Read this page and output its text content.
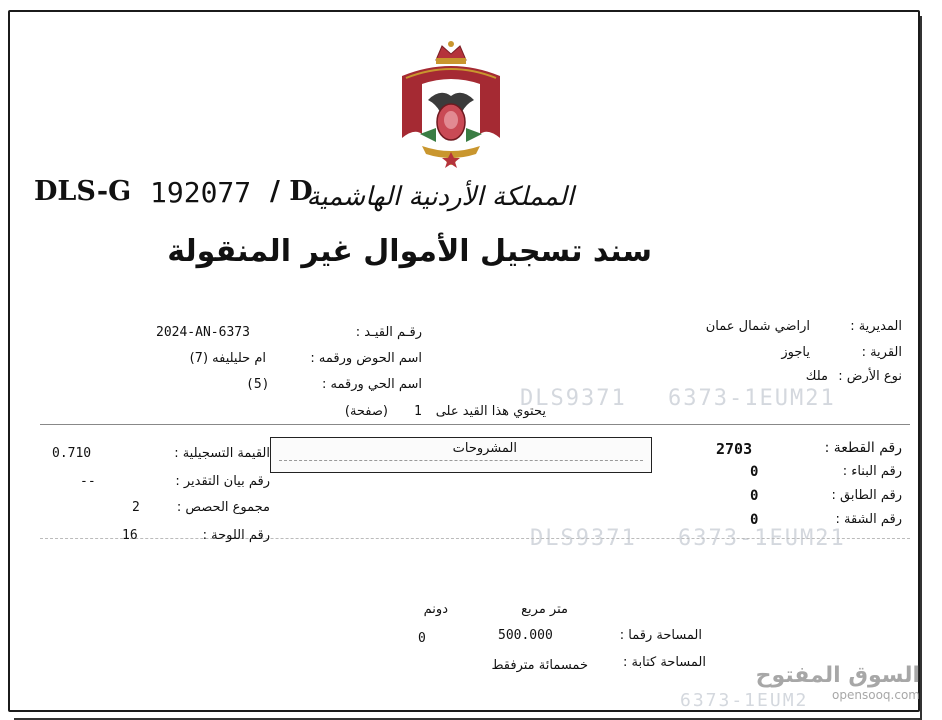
DLS-G 192077 / D
المملكة الأردنية الهاشمية
سند تسجيل الأموال غير المنقولة
DLS9371 6373-1EUM21
DLS9371 6373-1EUM21
6373-1EUM2
رقـم القيـد :
2024-AN-6373
اسم الحوض ورقمه :
ام حليليفه (7)
اسم الحي ورقمه :
(5)
يحتوي هذا القيد على
1
(صفحة)
المديرية :
اراضي شمال عمان
القرية :
ياجوز
نوع الأرض :
ملك
رقم القطعة :
2703
رقم البناء :
0
رقم الطابق :
0
رقم الشقة :
0
المشروحات
القيمة التسجيلية :
0.710
رقم بيان التقدير :
--
مجموع الحصص :
2
رقم اللوحة :
16
متر مربع
دونم
المساحة رقما :
500.000
0
المساحة كتابة :
خمسمائة مترفقط	السوق المفتوح
opensooq.com
